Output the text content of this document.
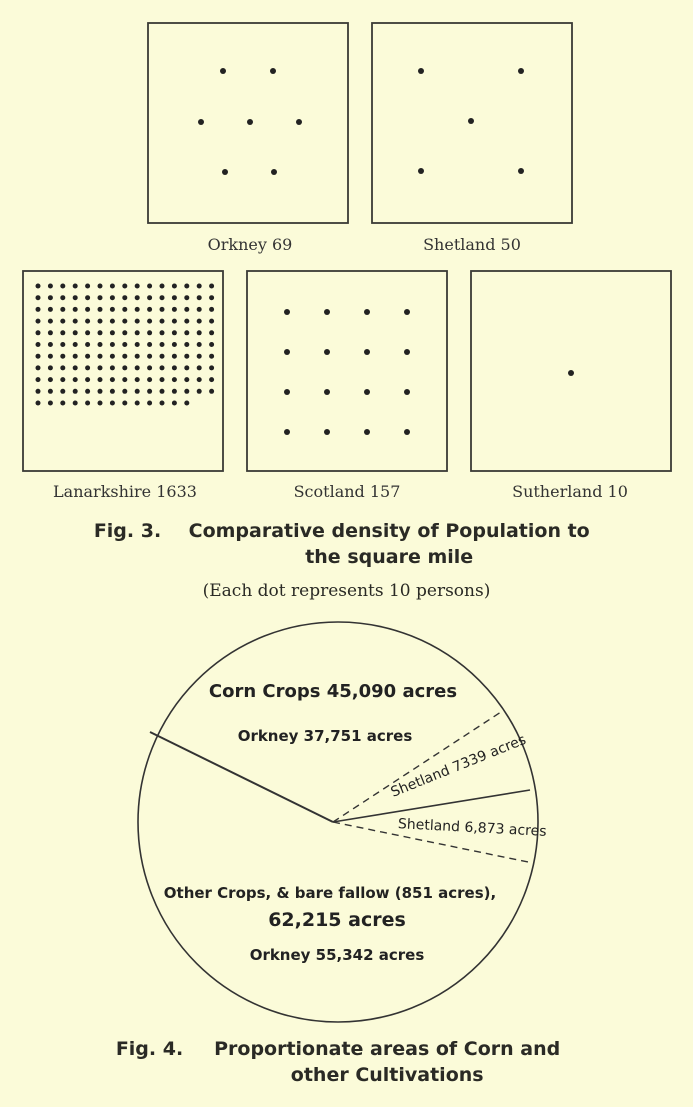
Orkney 69	Shetland 50
Lanarkshire 1633	Scotland 157	Sutherland 10
Fig. 3. Comparative density of Population to the square mile
(Each dot represents 10 persons)
Corn Crops 45,090 acres
Orkney 37,751 acres
Shetland 7339 acres
Shetland 6,873 acres
Other Crops, & bare fallow (851 acres),
62,215 acres
Orkney 55,342 acres
Fig. 4. Proportionate areas of Corn and other Cultivations
